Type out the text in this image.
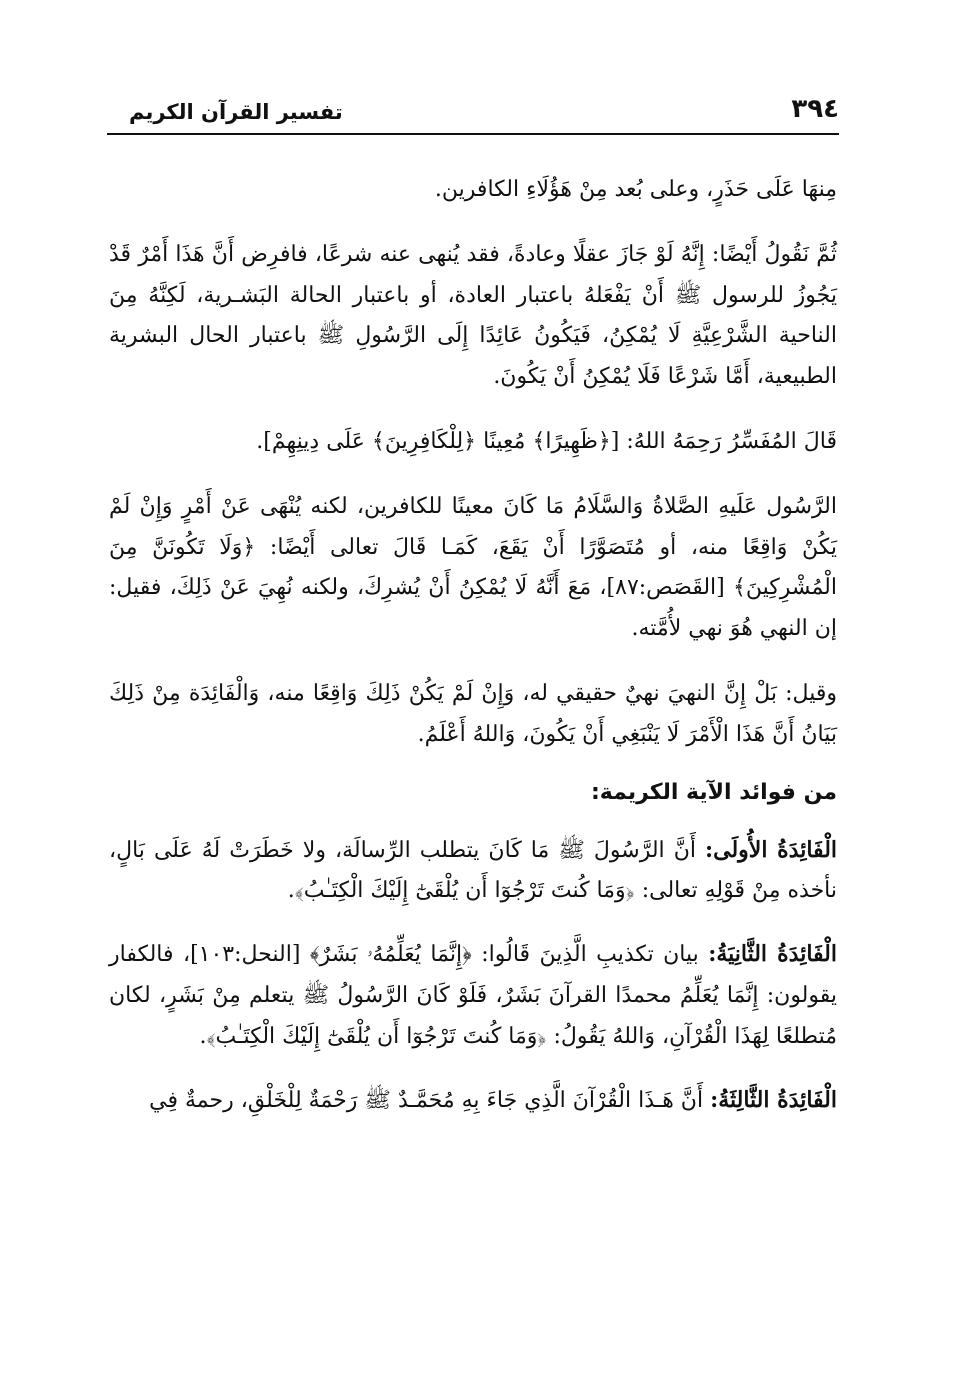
٣٩٤
تفسير القرآن الكريم

مِنهَا عَلَى حَذَرٍ، وعلى بُعد مِنْ هَؤُلَاءِ الكافرين.

ثُمَّ نَقُولُ أَيْضًا: إِنَّهُ لَوْ جَازَ عقلًا وعادةً، فقد يُنهى عنه شرعًا، فافرِض أَنَّ هَذَا أَمْرٌ قَدْ يَجُوزُ للرسول ﷺ أَنْ يَفْعَلهُ باعتبار العادة، أو باعتبار الحالة البَشـرية، لَكِنَّهُ مِنَ الناحية الشَّرْعِيَّةِ لَا يُمْكِنُ، فَيَكُونُ عَائِدًا إِلَى الرَّسُولِ ﷺ باعتبار الحال البشرية الطبيعية، أَمَّا شَرْعًا فَلَا يُمْكِنُ أَنْ يَكُونَ.

قَالَ المُفَسِّرُ رَحِمَهُ اللهُ: [﴿ظَهِيرًا﴾ مُعِينًا ﴿لِلْكَافِرِينَ﴾ عَلَى دِينِهِمْ].

الرَّسُول عَلَيهِ الصَّلاةُ وَالسَّلَامُ مَا كَانَ معينًا للكافرين، لكنه يُنْهَى عَنْ أَمْرٍ وَإِنْ لَمْ يَكُنْ وَاقِعًا منه، أو مُتَصَوَّرًا أَنْ يَقَعَ، كَمَـا قَالَ تعالى أَيْضًا: ﴿وَلَا تَكُونَنَّ مِنَ الْمُشْرِكِينَ﴾ [القَصَص:٨٧]، مَعَ أَنَّهُ لَا يُمْكِنُ أَنْ يُشرِكَ، ولكنه نُهِيَ عَنْ ذَلِكَ، فقيل: إن النهي هُوَ نهي لأُمَّته.

وقيل: بَلْ إِنَّ النهيَ نهيٌ حقيقي له، وَإِنْ لَمْ يَكُنْ ذَلِكَ وَاقِعًا منه، وَالْفَائِدَة مِنْ ذَلِكَ بَيَانُ أَنَّ هَذَا الْأَمْرَ لَا يَنْبَغِي أَنْ يَكُونَ، وَاللهُ أَعْلَمُ.

من فوائد الآية الكريمة:

الْفَائِدَةُ الأُولَى: أَنَّ الرَّسُولَ ﷺ مَا كَانَ يتطلب الرِّسالَة، ولا خَطَرَتْ لَهُ عَلَى بَالٍ، نأخذه مِنْ قَوْلِهِ تعالى: ﴿وَمَا كُنتَ تَرْجُوٓا أَن يُلْقَىٰٓ إِلَيْكَ الْكِتَـٰبُ﴾.

الْفَائِدَةُ الثَّانِيَةُ: بيان تكذيبِ الَّذِينَ قَالُوا: ﴿إِنَّمَا يُعَلِّمُهُۥ بَشَرٌ﴾ [النحل:١٠٣]، فالكفار يقولون: إِنَّمَا يُعَلِّمُ محمدًا القرآنَ بَشَرٌ، فَلَوْ كَانَ الرَّسُولُ ﷺ يتعلم مِنْ بَشَرٍ، لكان مُتطلعًا لِهَذَا الْقُرْآنِ، وَاللهُ يَقُولُ: ﴿وَمَا كُنتَ تَرْجُوٓا أَن يُلْقَىٰٓ إِلَيْكَ الْكِتَـٰبُ﴾.

الْفَائِدَةُ الثَّالِثَةُ: أَنَّ هَـذَا الْقُرْآنَ الَّذِي جَاءَ بِهِ مُحَمَّـدٌ ﷺ رَحْمَةٌ لِلْخَلْقِ، رحمةٌ فِي
